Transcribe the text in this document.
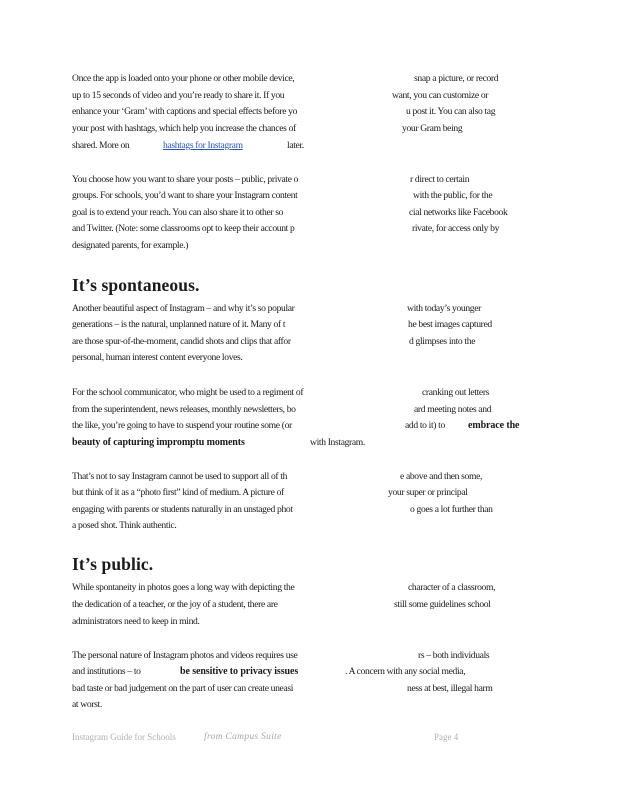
Once the app is loaded onto your phone or other mobile device,	snap a picture, or record
up to 15 seconds of video and you’re ready to share it. If you	want, you can customize or
enhance your ‘Gram’ with captions and special effects before yo	u post it. You can also tag
your post with hashtags, which help you increase the chances of	your Gram being
shared. More on	hashtags for Instagram	later.
You choose how you want to share your posts – public, private o	r direct to certain
groups. For schools, you’d want to share your Instagram content	with the public, for the
goal is to extend your reach. You can also share it to other so	cial networks like Facebook
and Twitter. (Note: some classrooms opt to keep their account p	rivate, for access only by
designated parents, for example.)
It’s spontaneous.
Another beautiful aspect of Instagram – and why it’s so popular	with today’s younger
generations – is the natural, unplanned nature of it. Many of t	he best images captured
are those spur-of-the-moment, candid shots and clips that affor	d glimpses into the
personal, human interest content everyone loves.
For the school communicator, who might be used to a regiment of	cranking out letters
from the superintendent, news releases, monthly newsletters, bo	ard meeting notes and
the like, you’re going to have to suspend your routine some (or	add to it) to embrace the
beauty of capturing impromptu moments	with Instagram.
That’s not to say Instagram cannot be used to support all of th	e above and then some,
but think of it as a “photo first” kind of medium. A picture of	your super or principal
engaging with parents or students naturally in an unstaged phot	o goes a lot further than
a posed shot. Think authentic.
It’s public.
While spontaneity in photos goes a long way with depicting the	character of a classroom,
the dedication of a teacher, or the joy of a student, there are	still some guidelines school
administrators need to keep in mind.
The personal nature of Instagram photos and videos requires use	rs – both individuals
and institutions – to	be sensitive to privacy issues	. A concern with any social media,
bad taste or bad judgement on the part of user can create uneasi	ness at best, illegal harm
at worst.
Instagram Guide for Schools	from Campus Suite	Page 4
